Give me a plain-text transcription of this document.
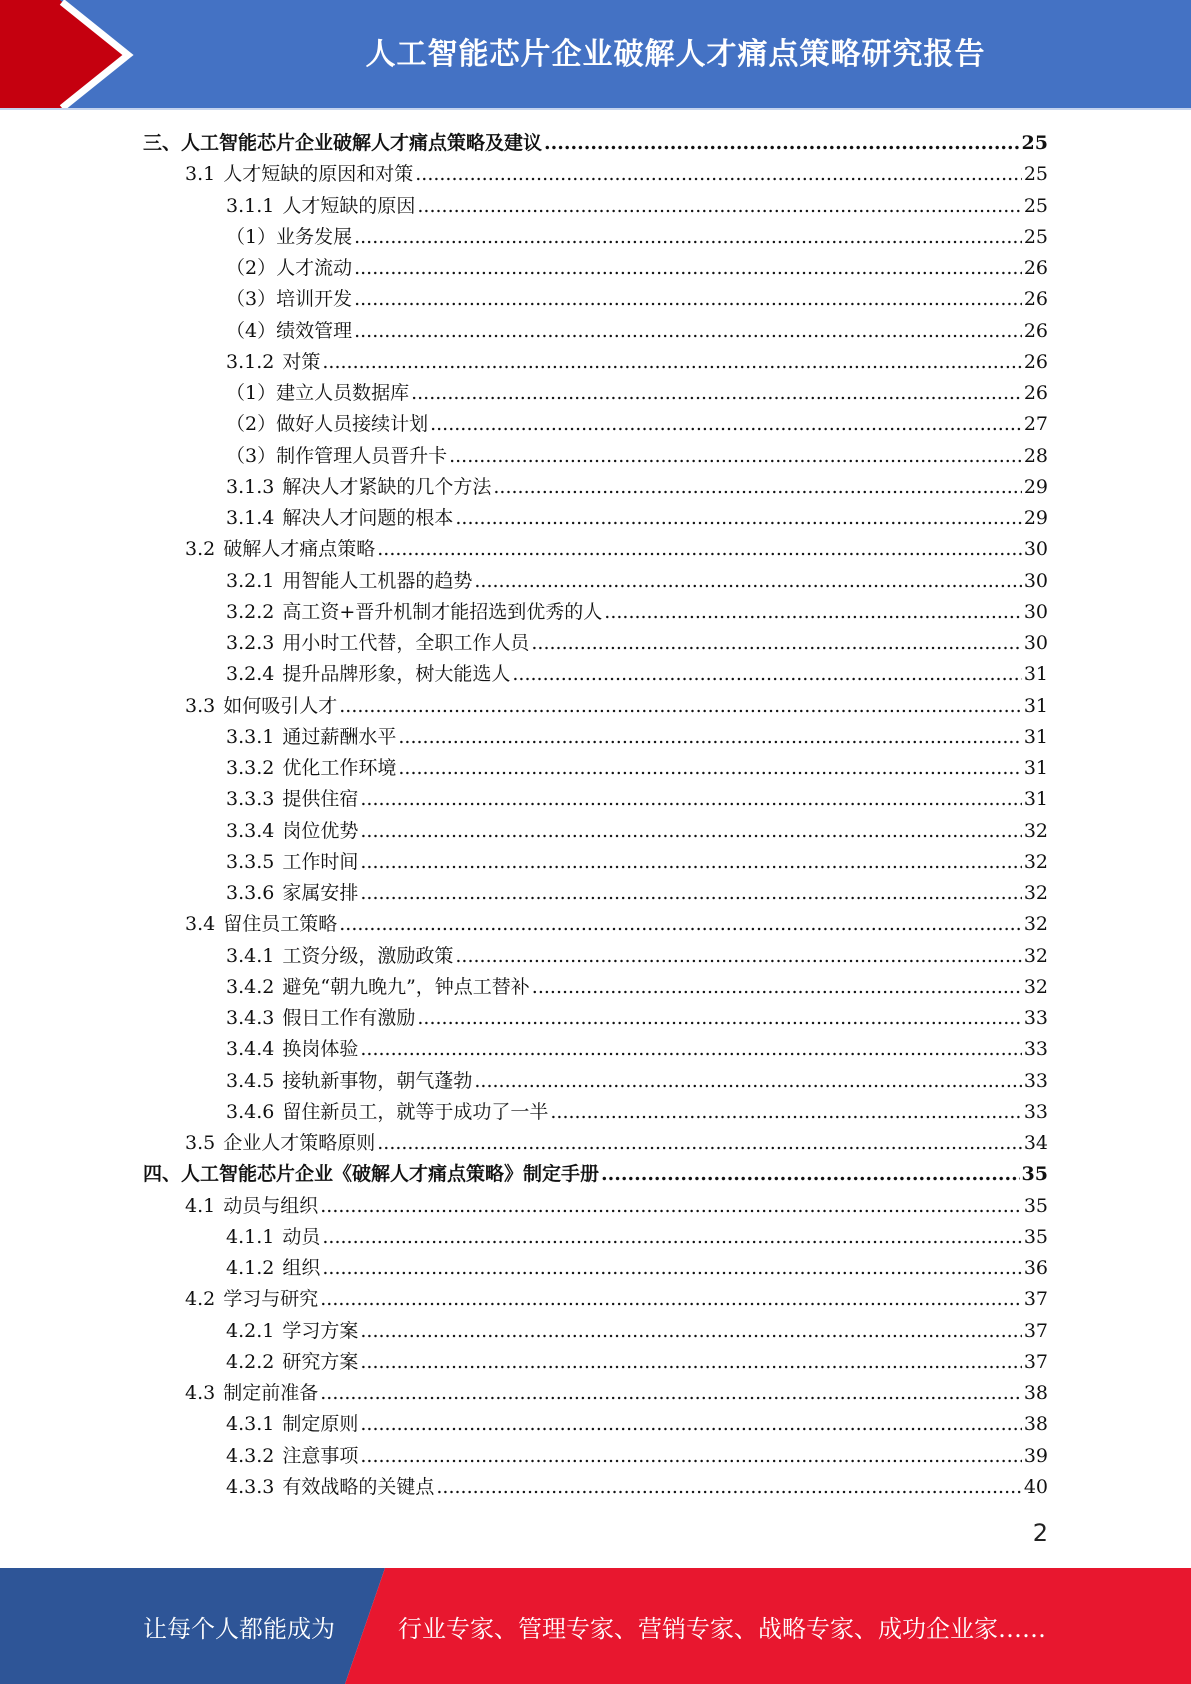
人工智能芯片企业破解人才痛点策略研究报告
三、人工智能芯片企业破解人才痛点策略及建议 .....	25
3.1 人才短缺的原因和对策 .....	25
3.1.1 人才短缺的原因 .....	25
（1）业务发展 .....	25
（2）人才流动 .....	26
（3）培训开发 .....	26
（4）绩效管理 .....	26
3.1.2 对策 .....	26
（1）建立人员数据库 .....	26
（2）做好人员接续计划 .....	27
（3）制作管理人员晋升卡 .....	28
3.1.3 解决人才紧缺的几个方法 .....	29
3.1.4 解决人才问题的根本 .....	29
3.2 破解人才痛点策略 .....	30
3.2.1 用智能人工机器的趋势 .....	30
3.2.2 高工资+晋升机制才能招选到优秀的人 .....	30
3.2.3 用小时工代替，全职工作人员 .....	30
3.2.4 提升品牌形象，树大能选人 .....	31
3.3 如何吸引人才 .....	31
3.3.1 通过薪酬水平 .....	31
3.3.2 优化工作环境 .....	31
3.3.3 提供住宿 .....	31
3.3.4 岗位优势 .....	32
3.3.5 工作时间 .....	32
3.3.6 家属安排 .....	32
3.4 留住员工策略 .....	32
3.4.1 工资分级，激励政策 .....	32
3.4.2 避免“朝九晚九”，钟点工替补 .....	32
3.4.3 假日工作有激励 .....	33
3.4.4 换岗体验 .....	33
3.4.5 接轨新事物，朝气蓬勃 .....	33
3.4.6 留住新员工，就等于成功了一半 .....	33
3.5 企业人才策略原则 .....	34
四、人工智能芯片企业《破解人才痛点策略》制定手册 .....	35
4.1 动员与组织 .....	35
4.1.1 动员 .....	35
4.1.2 组织 .....	36
4.2 学习与研究 .....	37
4.2.1 学习方案 .....	37
4.2.2 研究方案 .....	37
4.3 制定前准备 .....	38
4.3.1 制定原则 .....	38
4.3.2 注意事项 .....	39
4.3.3 有效战略的关键点 .....	40
2
让每个人都能成为	行业专家、管理专家、营销专家、战略专家、成功企业家……
